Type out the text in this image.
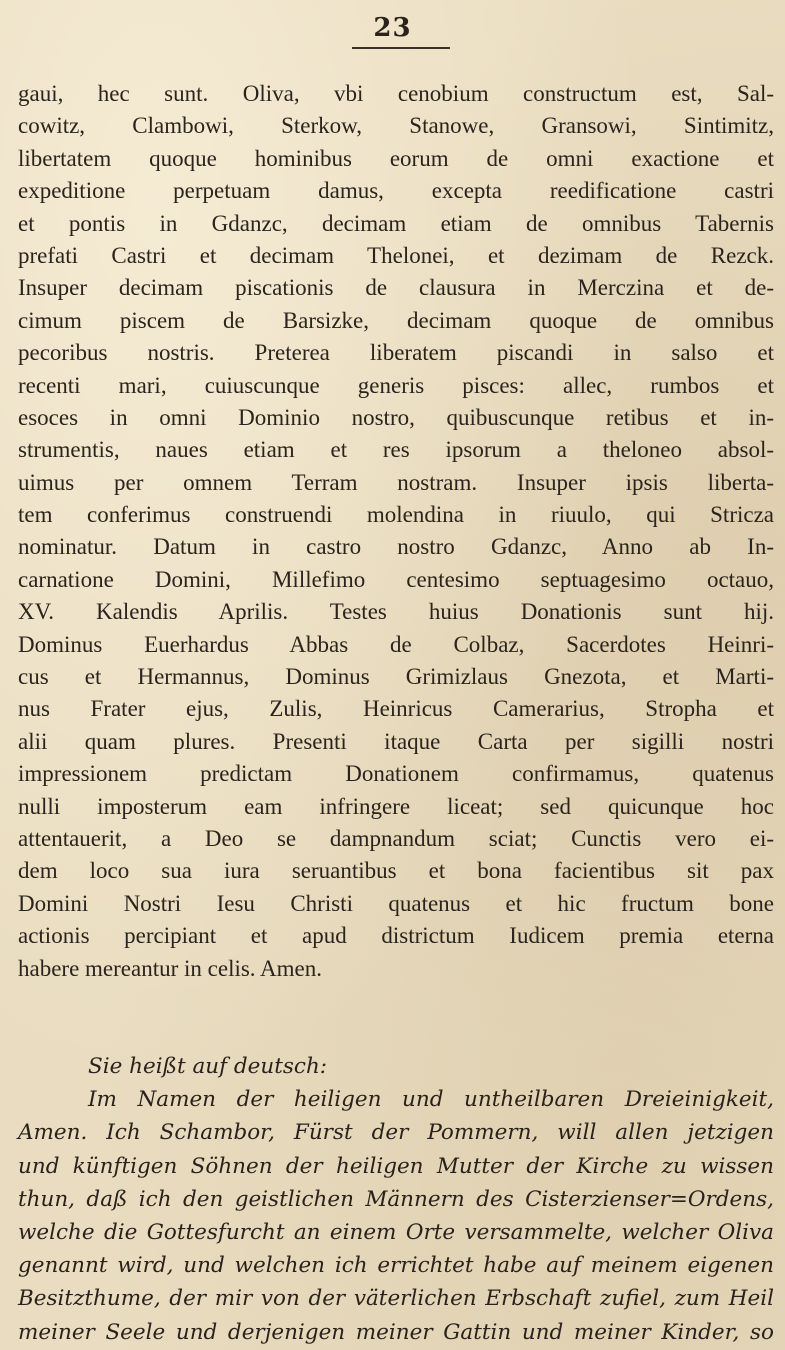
23
gaui, hec sunt. Oliva, vbi cenobium constructum est, Sal-
cowitz, Clambowi, Sterkow, Stanowe, Gransowi, Sintimitz,
libertatem quoque hominibus eorum de omni exactione et
expeditione perpetuam damus, excepta reedificatione castri
et pontis in Gdanzc, decimam etiam de omnibus Tabernis
prefati Castri et decimam Thelonei, et dezimam de Rezck.
Insuper decimam piscationis de clausura in Merczina et de-
cimum piscem de Barsizke, decimam quoque de omnibus
pecoribus nostris. Preterea liberatem piscandi in salso et
recenti mari, cuiuscunque generis pisces: allec, rumbos et
esoces in omni Dominio nostro, quibuscunque retibus et in-
strumentis, naues etiam et res ipsorum a theloneo absol-
uimus per omnem Terram nostram. Insuper ipsis liberta-
tem conferimus construendi molendina in riuulo, qui Stricza
nominatur. Datum in castro nostro Gdanzc, Anno ab In-
carnatione Domini, Millefimo centesimo septuagesimo octauo,
XV. Kalendis Aprilis. Testes huius Donationis sunt hij.
Dominus Euerhardus Abbas de Colbaz, Sacerdotes Heinri-
cus et Hermannus, Dominus Grimizlaus Gnezota, et Marti-
nus Frater ejus, Zulis, Heinricus Camerarius, Stropha et
alii quam plures. Presenti itaque Carta per sigilli nostri
impressionem predictam Donationem confirmamus, quatenus
nulli imposterum eam infringere liceat; sed quicunque hoc
attentauerit, a Deo se dampnandum sciat; Cunctis vero ei-
dem loco sua iura seruantibus et bona facientibus sit pax
Domini Nostri Iesu Christi quatenus et hic fructum bone
actionis percipiant et apud districtum Iudicem premia eterna
habere mereantur in celis. Amen.
Sie heißt auf deutsch:
Im Namen der heiligen und untheilbaren Dreieinigkeit,
Amen. Ich Schambor, Fürst der Pommern, will allen jetzigen
und künftigen Söhnen der heiligen Mutter der Kirche zu wissen
thun, daß ich den geistlichen Männern des Cisterzienser=Ordens,
welche die Gottesfurcht an einem Orte versammelte, welcher Oliva
genannt wird, und welchen ich errichtet habe auf meinem eigenen
Besitzthume, der mir von der väterlichen Erbschaft zufiel, zum Heil
meiner Seele und derjenigen meiner Gattin und meiner Kinder, so
